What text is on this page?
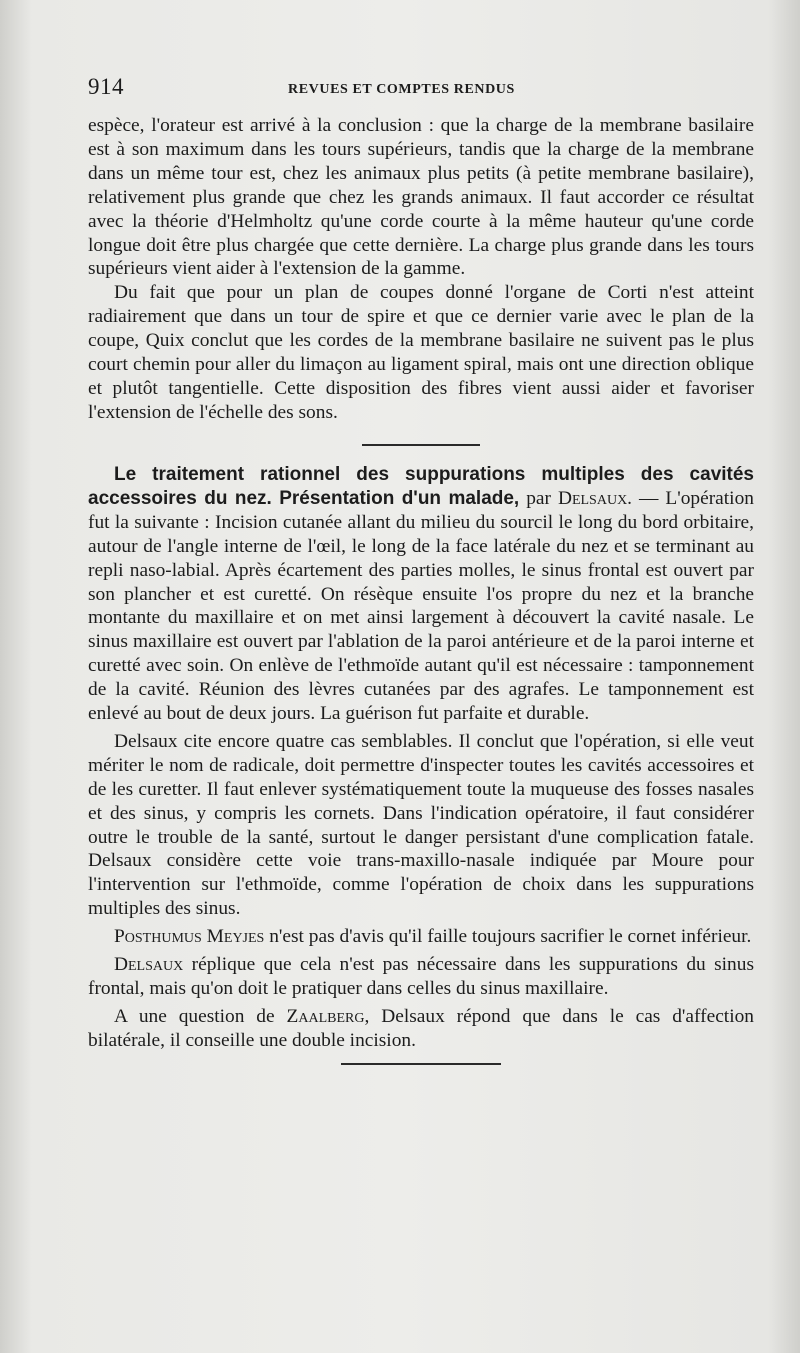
914	REVUES ET COMPTES RENDUS

espèce, l'orateur est arrivé à la conclusion : que la charge de la membrane basilaire est à son maximum dans les tours supérieurs, tandis que la charge de la membrane dans un même tour est, chez les animaux plus petits (à petite membrane basilaire), relativement plus grande que chez les grands animaux. Il faut accorder ce résultat avec la théorie d'Helmholtz qu'une corde courte à la même hauteur qu'une corde longue doit être plus chargée que cette dernière. La charge plus grande dans les tours supérieurs vient aider à l'extension de la gamme.

Du fait que pour un plan de coupes donné l'organe de Corti n'est atteint radiairement que dans un tour de spire et que ce dernier varie avec le plan de la coupe, Quix conclut que les cordes de la membrane basilaire ne suivent pas le plus court chemin pour aller du limaçon au ligament spiral, mais ont une direction oblique et plutôt tangentielle. Cette disposition des fibres vient aussi aider et favoriser l'extension de l'échelle des sons.

Le traitement rationnel des suppurations multiples des cavités accessoires du nez. Présentation d'un malade, par Delsaux. — L'opération fut la suivante : Incision cutanée allant du milieu du sourcil le long du bord orbitaire, autour de l'angle interne de l'œil, le long de la face latérale du nez et se terminant au repli naso-labial. Après écartement des parties molles, le sinus frontal est ouvert par son plancher et est curetté. On résèque ensuite l'os propre du nez et la branche montante du maxillaire et on met ainsi largement à découvert la cavité nasale. Le sinus maxillaire est ouvert par l'ablation de la paroi antérieure et de la paroi interne et curetté avec soin. On enlève de l'ethmoïde autant qu'il est nécessaire : tamponnement de la cavité. Réunion des lèvres cutanées par des agrafes. Le tamponnement est enlevé au bout de deux jours. La guérison fut parfaite et durable.

Delsaux cite encore quatre cas semblables. Il conclut que l'opération, si elle veut mériter le nom de radicale, doit permettre d'inspecter toutes les cavités accessoires et de les curetter. Il faut enlever systématiquement toute la muqueuse des fosses nasales et des sinus, y compris les cornets. Dans l'indication opératoire, il faut considérer outre le trouble de la santé, surtout le danger persistant d'une complication fatale. Delsaux considère cette voie trans-maxillo-nasale indiquée par Moure pour l'intervention sur l'ethmoïde, comme l'opération de choix dans les suppurations multiples des sinus.

Posthumus Meyjes n'est pas d'avis qu'il faille toujours sacrifier le cornet inférieur.

Delsaux réplique que cela n'est pas nécessaire dans les suppurations du sinus frontal, mais qu'on doit le pratiquer dans celles du sinus maxillaire.

A une question de Zaalberg, Delsaux répond que dans le cas d'affection bilatérale, il conseille une double incision.
